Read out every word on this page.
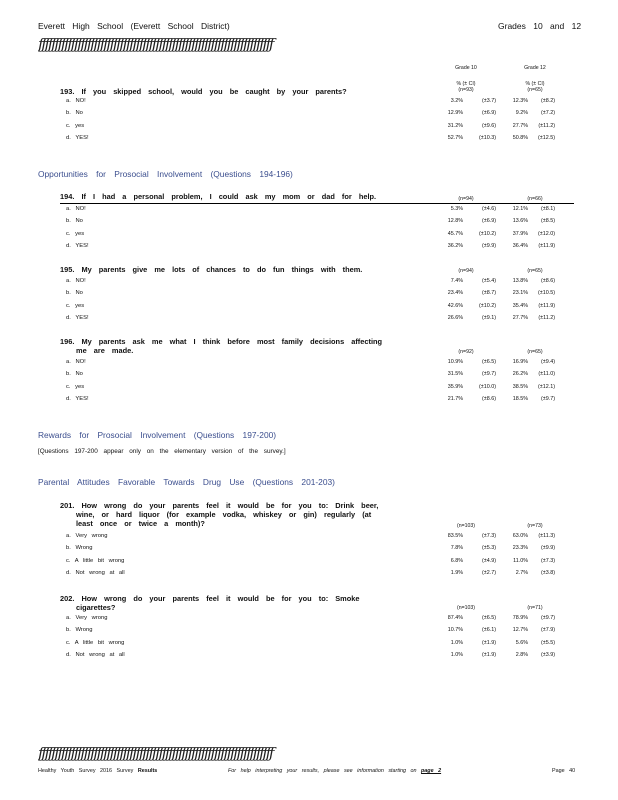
Everett High School (Everett School District)	Grades 10 and 12
ƒƒƒƒƒƒƒƒƒƒƒƒƒƒƒƒƒƒƒƒƒƒƒƒƒƒƒƒƒƒƒƒƒƒƒƒƒƒƒƒƒƒƒƒƒƒƒƒƒƒƒƒƒƒƒƒƒƒƒƒƒƒƒƒƒƒƒƒƒƒƒƒ
Grade 10	Grade 12
% (± CI)	% (± CI)
193. If you skipped school, would you be caught by your parents?	(n=93)	(n=65)
a. NO!	3.2%	(±3.7)	12.3%	(±8.2)
b. No	12.9%	(±6.9)	9.2%	(±7.2)
c. yes	31.2%	(±9.6)	27.7%	(±11.2)
d. YES!	52.7%	(±10.3)	50.8%	(±12.5)
Opportunities for Prosocial Involvement (Questions 194-196)
194. If I had a personal problem, I could ask my mom or dad for help.	(n=94)	(n=66)
a. NO!	5.3%	(±4.6)	12.1%	(±8.1)
b. No	12.8%	(±6.9)	13.6%	(±8.5)
c. yes	45.7%	(±10.2)	37.9%	(±12.0)
d. YES!	36.2%	(±9.9)	36.4%	(±11.9)
195. My parents give me lots of chances to do fun things with them.	(n=94)	(n=65)
a. NO!	7.4%	(±5.4)	13.8%	(±8.6)
b. No	23.4%	(±8.7)	23.1%	(±10.5)
c. yes	42.6%	(±10.2)	35.4%	(±11.9)
d. YES!	26.6%	(±9.1)	27.7%	(±11.2)
196. My parents ask me what I think before most family decisions affecting
me are made.	(n=92)	(n=65)
a. NO!	10.9%	(±6.5)	16.9%	(±9.4)
b. No	31.5%	(±9.7)	26.2%	(±11.0)
c. yes	35.9%	(±10.0)	38.5%	(±12.1)
d. YES!	21.7%	(±8.6)	18.5%	(±9.7)
Rewards for Prosocial Involvement (Questions 197-200)
[Questions 197-200 appear only on the elementary version of the survey.]
Parental Attitudes Favorable Towards Drug Use (Questions 201-203)
201. How wrong do your parents feel it would be for you to: Drink beer,
wine, or hard liquor (for example vodka, whiskey or gin) regularly (at
least once or twice a month)?	(n=103)	(n=73)
a. Very wrong	83.5%	(±7.3)	63.0%	(±11.3)
b. Wrong	7.8%	(±5.3)	23.3%	(±9.9)
c. A little bit wrong	6.8%	(±4.9)	11.0%	(±7.3)
d. Not wrong at all	1.9%	(±2.7)	2.7%	(±3.8)
202. How wrong do your parents feel it would be for you to: Smoke
cigarettes?	(n=103)	(n=71)
a. Very wrong	87.4%	(±6.5)	78.9%	(±9.7)
b. Wrong	10.7%	(±6.1)	12.7%	(±7.9)
c. A little bit wrong	1.0%	(±1.9)	5.6%	(±5.5)
d. Not wrong at all	1.0%	(±1.9)	2.8%	(±3.9)
ƒƒƒƒƒƒƒƒƒƒƒƒƒƒƒƒƒƒƒƒƒƒƒƒƒƒƒƒƒƒƒƒƒƒƒƒƒƒƒƒƒƒƒƒƒƒƒƒƒƒƒƒƒƒƒƒƒƒƒƒƒƒƒƒƒƒƒƒƒƒƒƒ
Healthy Youth Survey 2016 Survey Results	For help interpreting your results, please see information starting on page 2	Page 40
